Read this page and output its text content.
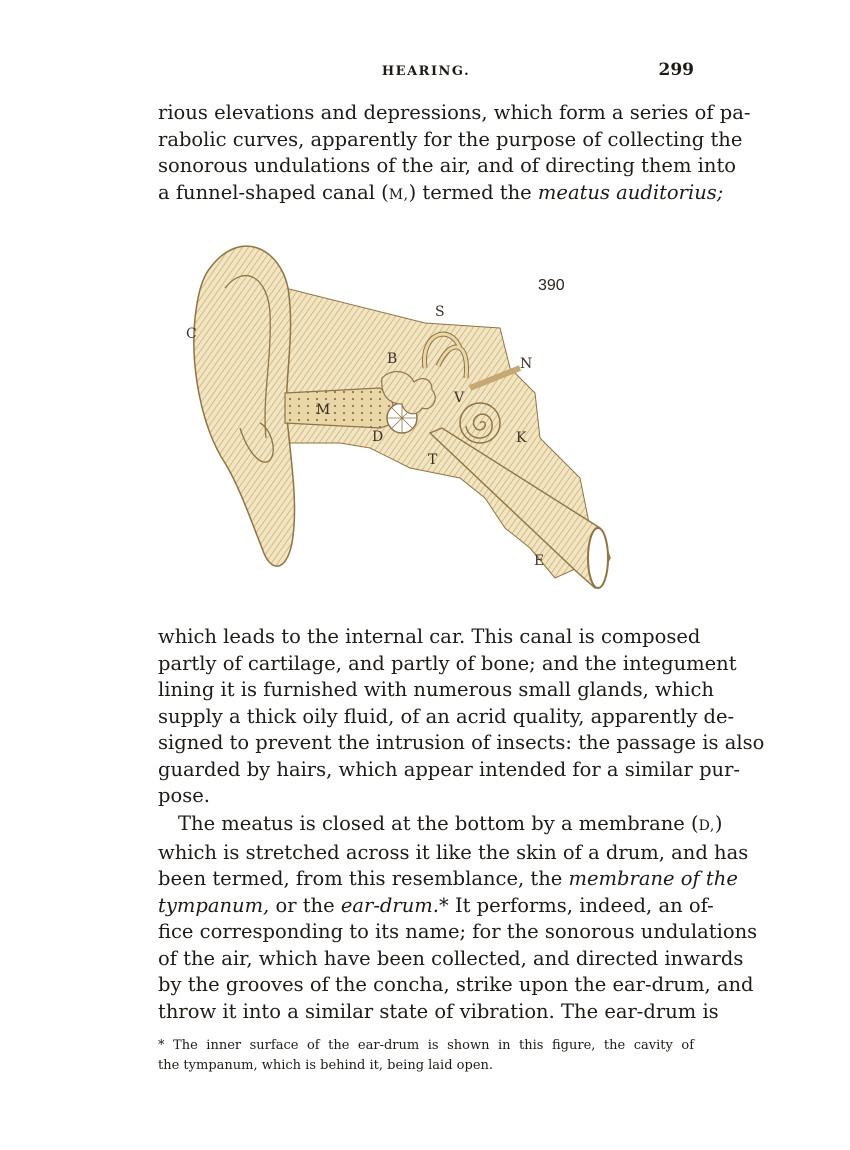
HEARING.	299
rious elevations and depressions, which form a series of pa-
rabolic curves, apparently for the purpose of collecting the
sonorous undulations of the air, and of directing them into
a funnel-shaped canal (M,) termed the meatus auditorius;
390
C
S
B	N
M
V
D	K
T
E
which leads to the internal car. This canal is composed
partly of cartilage, and partly of bone; and the integument
lining it is furnished with numerous small glands, which
supply a thick oily fluid, of an acrid quality, apparently de-
signed to prevent the intrusion of insects: the passage is also
guarded by hairs, which appear intended for a similar pur-
pose.
The meatus is closed at the bottom by a membrane (D,)
which is stretched across it like the skin of a drum, and has
been termed, from this resemblance, the membrane of the
tympanum, or the ear-drum.* It performs, indeed, an of-
fice corresponding to its name; for the sonorous undulations
of the air, which have been collected, and directed inwards
by the grooves of the concha, strike upon the ear-drum, and
throw it into a similar state of vibration. The ear-drum is
* The inner surface of the ear-drum is shown in this figure, the cavity of
the tympanum, which is behind it, being laid open.
